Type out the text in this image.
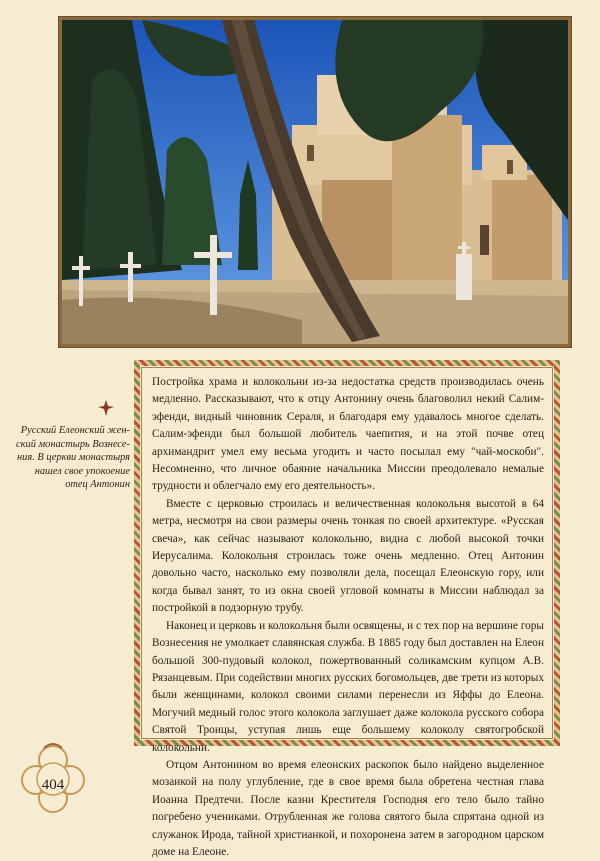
Русский Елеонский женский монастырь Вознесения. В церкви монастыря нашел свое упокоение отец Антонин

Постройка храма и колокольни из-за недостатка средств производилась очень медленно. Рассказывают, что к отцу Антонину очень благоволил некий Салим-эфенди, видный чиновник Сераля, и благодаря ему удавалось многое сделать. Салим-эфенди был большой любитель чаепития, и на этой почве отец архимандрит умел ему весьма угодить и часто посылал ему "чай-москоби". Несомненно, что личное обаяние начальника Миссии преодолевало немалые трудности и облегчало ему его деятельность».

Вместе с церковью строилась и величественная колокольня высотой в 64 метра, несмотря на свои размеры очень тонкая по своей архитектуре. «Русская свеча», как сейчас называют колокольню, видна с любой высокой точки Иерусалима. Колокольня строилась тоже очень медленно. Отец Антонин довольно часто, насколько ему позволяли дела, посещал Елеонскую гору, или когда бывал занят, то из окна своей угловой комнаты в Миссии наблюдал за постройкой в подзорную трубу.

Наконец и церковь и колокольня были освящены, и с тех пор на вершине горы Вознесения не умолкает славянская служба. В 1885 году был доставлен на Елеон большой 300-пудовый колокол, пожертвованный соликамским купцом А.В. Рязанцевым. При содействии многих русских богомольцев, две трети из которых были женщинами, колокол своими силами перенесли из Яффы до Елеона. Могучий медный голос этого колокола заглушает даже колокола русского собора Святой Троицы, уступая лишь еще большему колоколу святогробской колокольни.

Отцом Антонином во время елеонских раскопок было найдено выделенное мозаикой на полу углубление, где в свое время была обретена честная глава Иоанна Предтечи. После казни Крестителя Господня его тело было тайно погребено учениками. Отрубленная же голова святого была спрятана одной из служанок Ирода, тайной христианкой, и похоронена затем в загородном царском доме на Елеоне.

404
